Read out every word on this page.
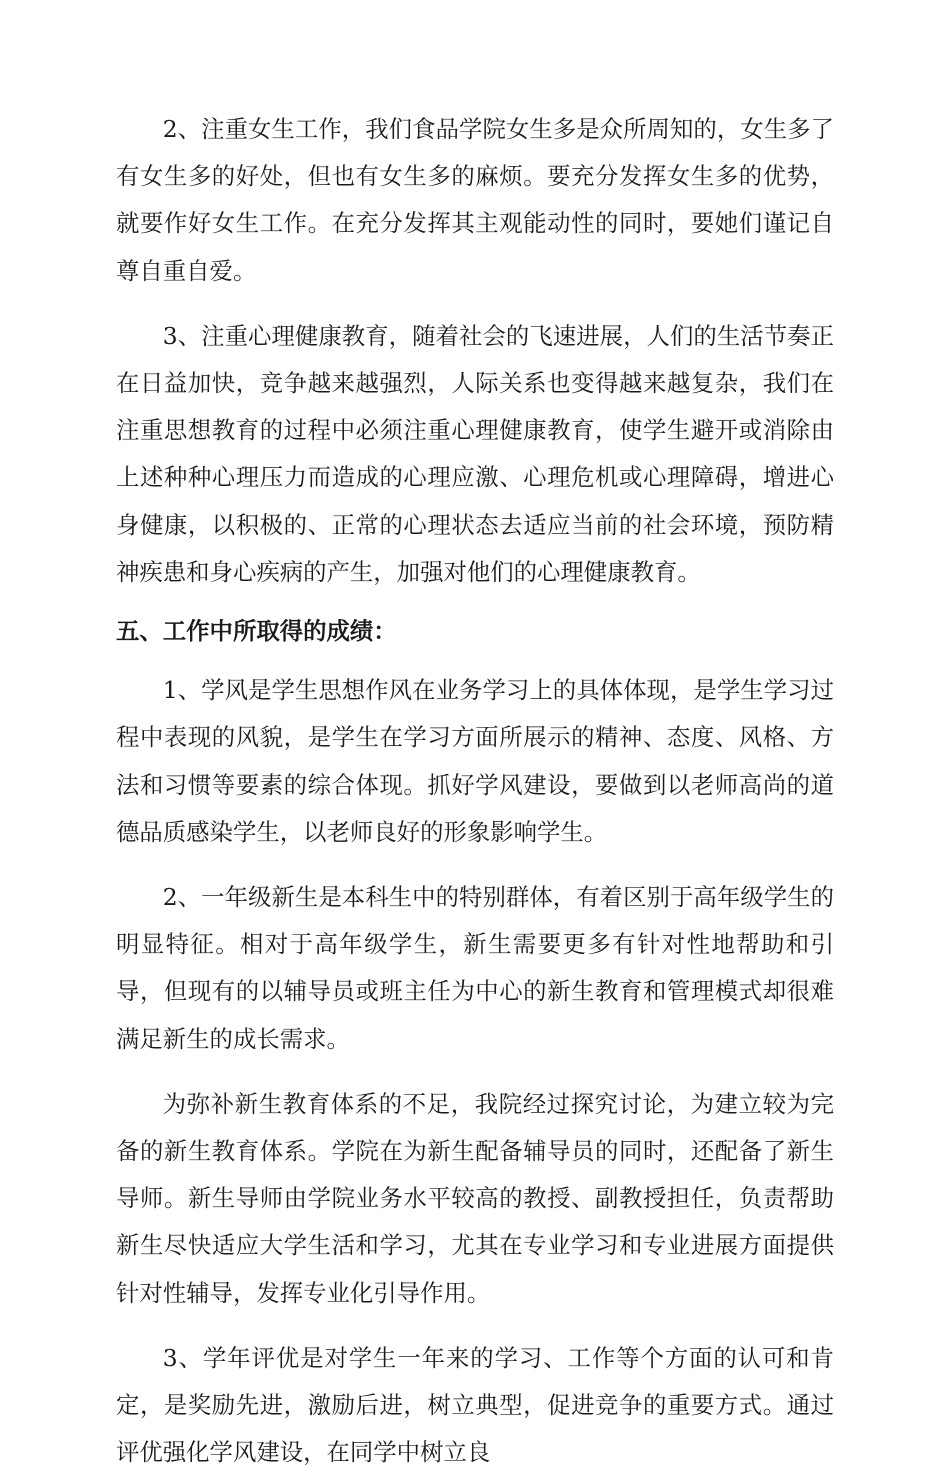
2、注重女生工作，我们食品学院女生多是众所周知的，女生多了有女生多的好处，但也有女生多的麻烦。要充分发挥女生多的优势，就要作好女生工作。在充分发挥其主观能动性的同时，要她们谨记自尊自重自爱。

3、注重心理健康教育，随着社会的飞速进展，人们的生活节奏正在日益加快，竞争越来越强烈，人际关系也变得越来越复杂，我们在注重思想教育的过程中必须注重心理健康教育，使学生避开或消除由上述种种心理压力而造成的心理应激、心理危机或心理障碍，增进心身健康，以积极的、正常的心理状态去适应当前的社会环境，预防精神疾患和身心疾病的产生，加强对他们的心理健康教育。

五、工作中所取得的成绩：

1、学风是学生思想作风在业务学习上的具体体现，是学生学习过程中表现的风貌，是学生在学习方面所展示的精神、态度、风格、方法和习惯等要素的综合体现。抓好学风建设，要做到以老师高尚的道德品质感染学生，以老师良好的形象影响学生。

2、一年级新生是本科生中的特别群体，有着区别于高年级学生的明显特征。相对于高年级学生，新生需要更多有针对性地帮助和引导，但现有的以辅导员或班主任为中心的新生教育和管理模式却很难满足新生的成长需求。

为弥补新生教育体系的不足，我院经过探究讨论，为建立较为完备的新生教育体系。学院在为新生配备辅导员的同时，还配备了新生导师。新生导师由学院业务水平较高的教授、副教授担任，负责帮助新生尽快适应大学生活和学习，尤其在专业学习和专业进展方面提供针对性辅导，发挥专业化引导作用。

3、学年评优是对学生一年来的学习、工作等个方面的认可和肯定，是奖励先进，激励后进，树立典型，促进竞争的重要方式。通过评优强化学风建设，在同学中树立良
